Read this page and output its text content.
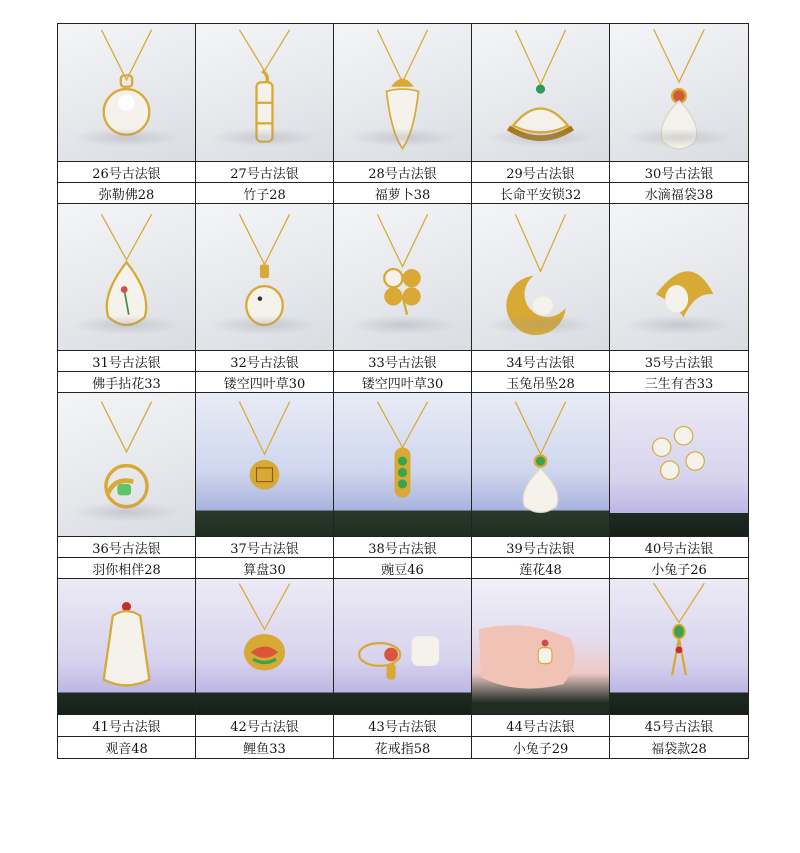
26号古法银
弥勒佛28
27号古法银
竹子28
28号古法银
福萝卜38
29号古法银
长命平安锁32
30号古法银
水滴福袋38
31号古法银
佛手拈花33
32号古法银
镂空四叶草30
33号古法银
镂空四叶草30
34号古法银
玉兔吊坠28
35号古法银
三生有杏33
36号古法银
羽你相伴28
37号古法银
算盘30
38号古法银
豌豆46
39号古法银
莲花48
40号古法银
小兔子26
41号古法银
观音48
42号古法银
鲤鱼33
43号古法银
花戒指58
44号古法银
小兔子29
45号古法银
福袋款28
